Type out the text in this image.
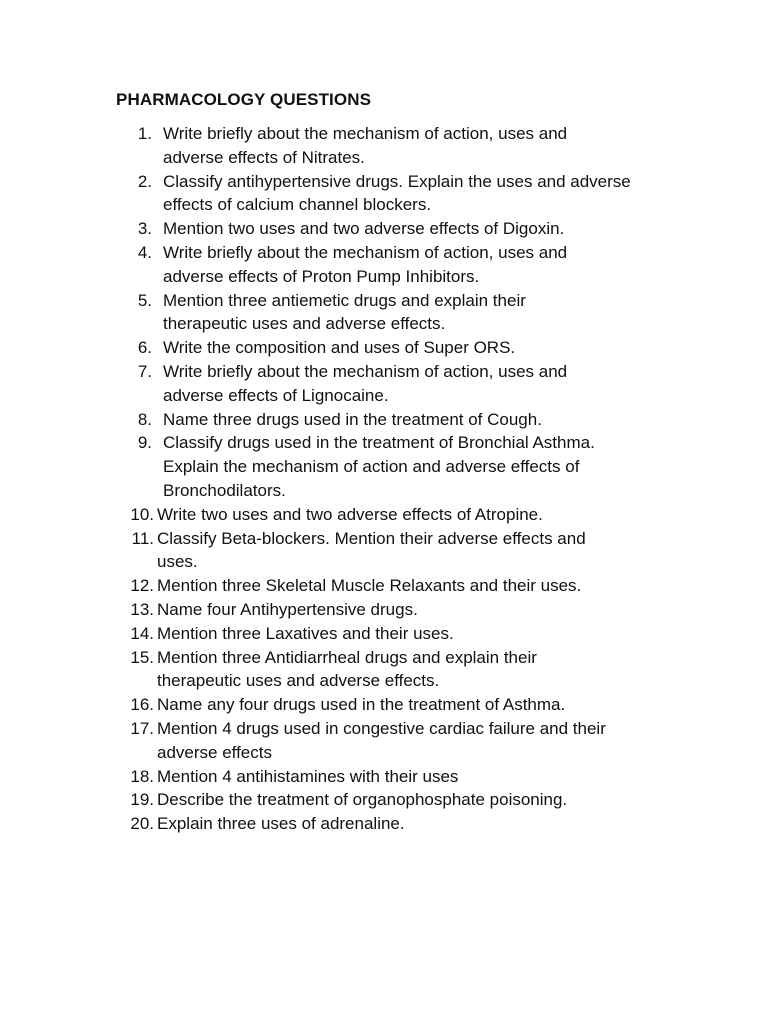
PHARMACOLOGY QUESTIONS
1. Write briefly about the mechanism of action, uses and
adverse effects of Nitrates.
2. Classify antihypertensive drugs. Explain the uses and adverse
effects of calcium channel blockers.
3. Mention two uses and two adverse effects of Digoxin.
4. Write briefly about the mechanism of action, uses and
adverse effects of Proton Pump Inhibitors.
5. Mention three antiemetic drugs and explain their
therapeutic uses and adverse effects.
6. Write the composition and uses of Super ORS.
7. Write briefly about the mechanism of action, uses and
adverse effects of Lignocaine.
8. Name three drugs used in the treatment of Cough.
9. Classify drugs used in the treatment of Bronchial Asthma.
Explain the mechanism of action and adverse effects of
Bronchodilators.
10. Write two uses and two adverse effects of Atropine.
11. Classify Beta-blockers. Mention their adverse effects and
uses.
12. Mention three Skeletal Muscle Relaxants and their uses.
13. Name four Antihypertensive drugs.
14. Mention three Laxatives and their uses.
15. Mention three Antidiarrheal drugs and explain their
therapeutic uses and adverse effects.
16. Name any four drugs used in the treatment of Asthma.
17. Mention 4 drugs used in congestive cardiac failure and their
adverse effects
18. Mention 4 antihistamines with their uses
19. Describe the treatment of organophosphate poisoning.
20. Explain three uses of adrenaline.
